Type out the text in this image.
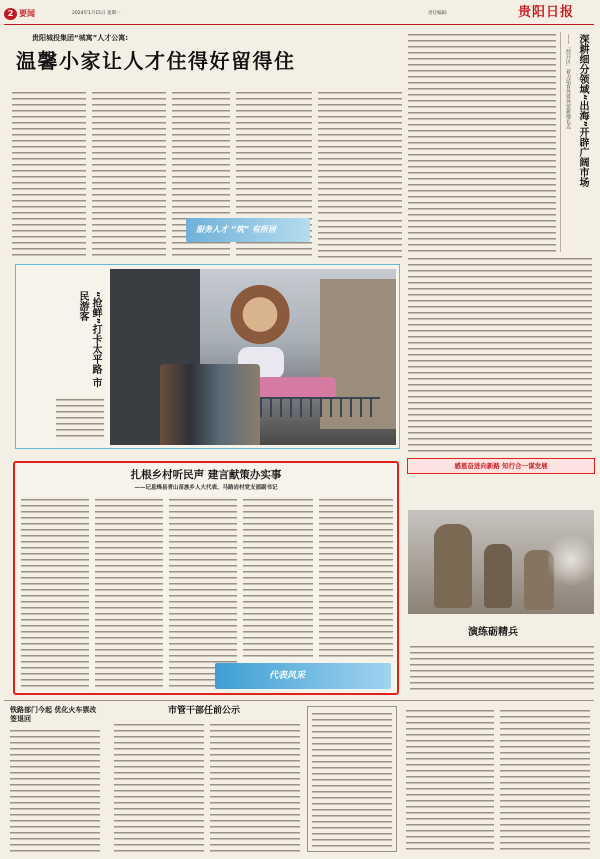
2 要闻	2024年1月15日 星期一	责任编辑:	贵阳日报
贵阳城投集团“城寓”人才公寓:
温馨小家让人才住得好留得住
服务人才 “筑” 有所居
深耕细分领域“出海”开辟广阔市场
——「经开区」着力培育外资外贸新增长点
“抢鲜”打卡太平路 市民游客
扎根乡村听民声 建言献策办实事
——记息烽县青山苗族乡人大代表、马路岩村党支部副书记
代表风采
感恩奋进向新路 知行合一谋发展
演练砺精兵
铁路部门今起 优化火车票改签退回
市管干部任前公示
